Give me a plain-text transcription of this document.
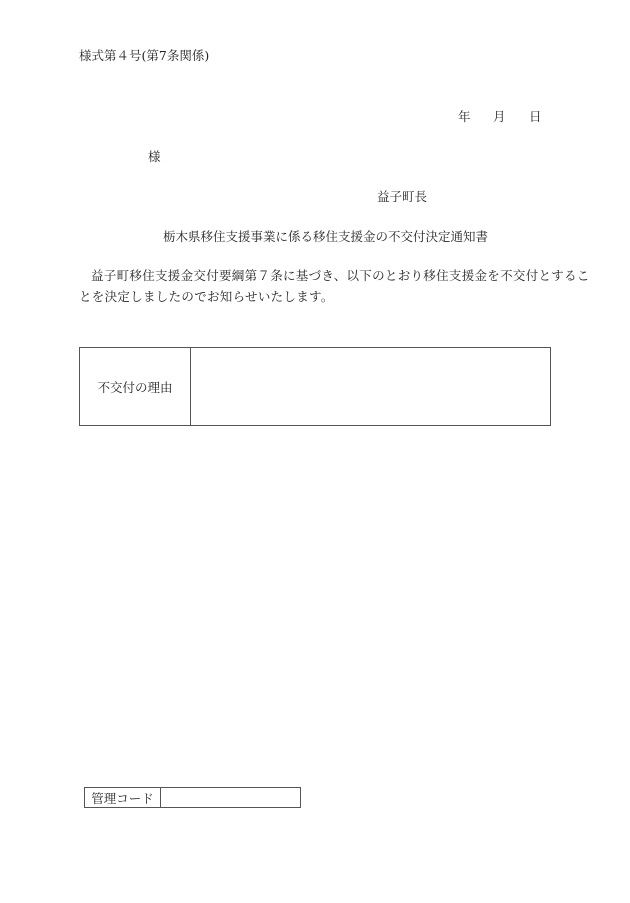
様式第４号(第7条関係)
年 月 日
様
益子町長
栃木県移住支援事業に係る移住支援金の不交付決定通知書
益子町移住支援金交付要綱第７条に基づき、以下のとおり移住支援金を不交付とするこ
とを決定しましたのでお知らせいたします。
不交付の理由
管理コード
